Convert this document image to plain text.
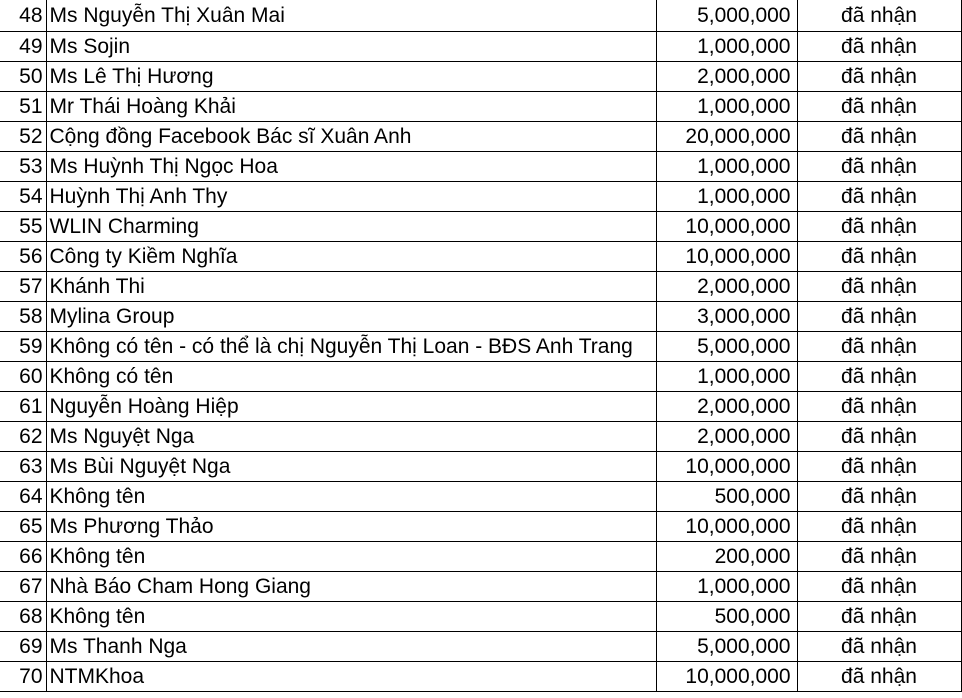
48	Ms Nguyễn Thị Xuân Mai	5,000,000	đã nhận
49	Ms Sojin	1,000,000	đã nhận
50	Ms Lê Thị Hương	2,000,000	đã nhận
51	Mr Thái Hoàng Khải	1,000,000	đã nhận
52	Cộng đồng Facebook Bác sĩ Xuân Anh	20,000,000	đã nhận
53	Ms Huỳnh Thị Ngọc Hoa	1,000,000	đã nhận
54	Huỳnh Thị Anh Thy	1,000,000	đã nhận
55	WLIN Charming	10,000,000	đã nhận
56	Công ty Kiềm Nghĩa	10,000,000	đã nhận
57	Khánh Thi	2,000,000	đã nhận
58	Mylina Group	3,000,000	đã nhận
59	Không có tên - có thể là chị Nguyễn Thị Loan - BĐS Anh Trang	5,000,000	đã nhận
60	Không có tên	1,000,000	đã nhận
61	Nguyễn Hoàng Hiệp	2,000,000	đã nhận
62	Ms Nguyệt Nga	2,000,000	đã nhận
63	Ms Bùi Nguyệt Nga	10,000,000	đã nhận
64	Không tên	500,000	đã nhận
65	Ms Phương Thảo	10,000,000	đã nhận
66	Không tên	200,000	đã nhận
67	Nhà Báo Cham Hong Giang	1,000,000	đã nhận
68	Không tên	500,000	đã nhận
69	Ms Thanh Nga	5,000,000	đã nhận
70	NTMKhoa	10,000,000	đã nhận
